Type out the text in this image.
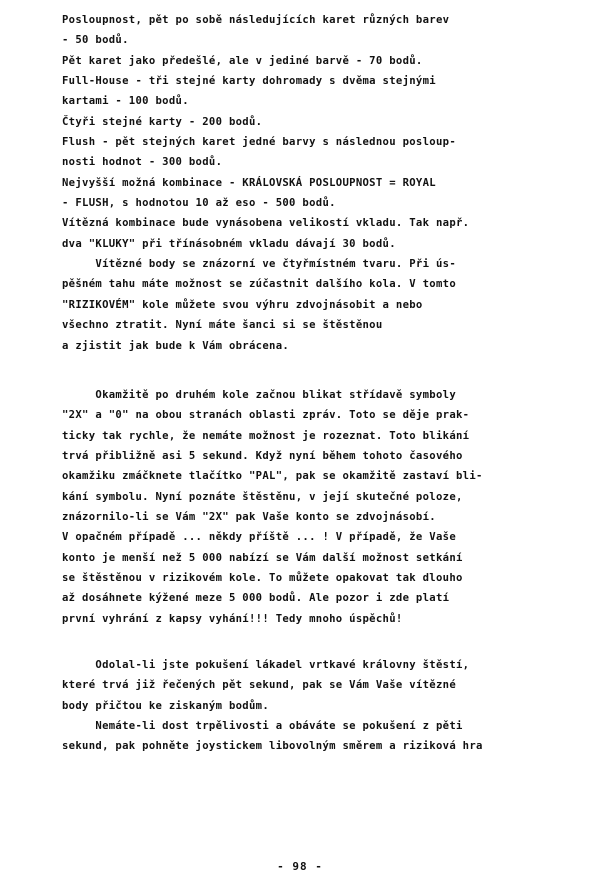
Posloupnost, pět po sobě následujících karet různých barev
- 50 bodů.
Pět karet jako předešlé, ale v jediné barvě - 70 bodů.
Full-House - tři stejné karty dohromady s dvěma stejnými
kartami - 100 bodů.
Čtyři stejné karty - 200 bodů.
Flush - pět stejných karet jedné barvy s následnou posloup-
nosti hodnot - 300 bodů.
Nejvyšší možná kombinace - KRÁLOVSKÁ POSLOUPNOST = ROYAL
- FLUSH, s hodnotou 10 až eso - 500 bodů.
Vítězná kombinace bude vynásobena velikostí vkladu. Tak např.
dva "KLUKY" při třínásobném vkladu dávají 30 bodů.
Vítězné body se znázorní ve čtyřmístném tvaru. Při ús-
pěšném tahu máte možnost se zúčastnit dalšího kola. V tomto
"RIZIKOVÉM" kole můžete svou výhru zdvojnásobit a nebo
všechno ztratit. Nyní máte šanci si se štěstěnou
a zjistit jak bude k Vám obrácena.
Okamžitě po druhém kole začnou blikat střídavě symboly
"2X" a "0" na obou stranách oblasti zpráv. Toto se děje prak-
ticky tak rychle, že nemáte možnost je rozeznat. Toto blikání
trvá přibližně asi 5 sekund. Když nyní během tohoto časového
okamžiku zmáčknete tlačítko "PAL", pak se okamžitě zastaví bli-
kání symbolu. Nyní poznáte štěstěnu, v její skutečné poloze,
znázornilo-li se Vám "2X" pak Vaše konto se zdvojnásobí.
V opačném případě ... někdy příště ... ! V případě, že Vaše
konto je menší než 5 000 nabízí se Vám další možnost setkání
se štěstěnou v rizikovém kole. To můžete opakovat tak dlouho
až dosáhnete kýžené meze 5 000 bodů. Ale pozor i zde platí
první vyhrání z kapsy vyhání!!! Tedy mnoho úspěchů!
Odolal-li jste pokušení lákadel vrtkavé královny štěstí,
které trvá již řečených pět sekund, pak se Vám Vaše vítězné
body přičtou ke ziskaným bodům.
Nemáte-li dost trpělivosti a obáváte se pokušení z pěti
sekund, pak pohněte joystickem libovolným směrem a riziková hra
- 98 -
